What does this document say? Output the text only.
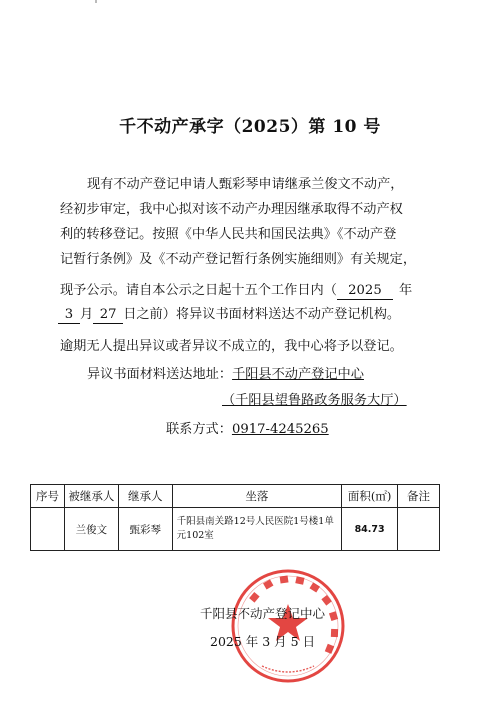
千不动产承字（2025）第 10 号
现有不动产登记申请人甄彩琴申请继承兰俊文不动产，
经初步审定，我中心拟对该不动产办理因继承取得不动产权
利的转移登记。按照《中华人民共和国民法典》《不动产登
记暂行条例》及《不动产登记暂行条例实施细则》有关规定，
现予公示。请自本公示之日起十五个工作日内（ 2025 年
3 月 27 日之前）将异议书面材料送达不动产登记机构。
逾期无人提出异议或者异议不成立的，我中心将予以登记。
异议书面材料送达地址：千阳县不动产登记中心
（千阳县望鲁路政务服务大厅）
联系方式：0917-4245265
序号	被继承人	继承人	坐落	面积(㎡)	备注
	兰俊文	甄彩琴	千阳县南关路12号人民医院1号楼1单元102室	84.73	
千阳县不动产登记中心
2025 年 3 月 5 日
